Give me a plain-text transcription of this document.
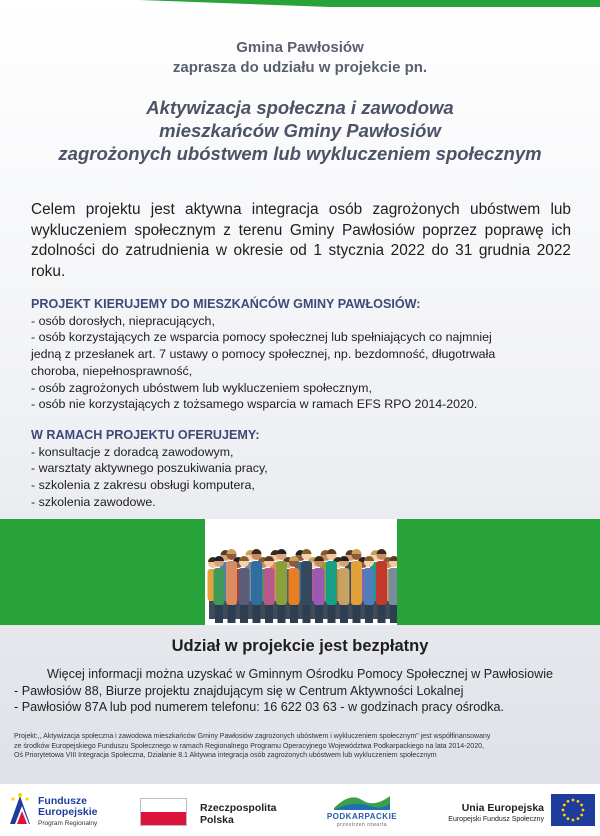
Gmina Pawłosiów
zaprasza do udziału w projekcie pn.
Aktywizacja społeczna i zawodowa
mieszkańców Gminy Pawłosiów
zagrożonych ubóstwem lub wykluczeniem społecznym
Celem projektu jest aktywna integracja osób zagrożonych ubóstwem lub wykluczeniem społecznym z terenu Gminy Pawłosiów poprzez poprawę ich zdolności do zatrudnienia w okresie od 1 stycznia 2022 do 31 grudnia 2022 roku.
PROJEKT KIERUJEMY DO MIESZKAŃCÓW GMINY PAWŁOSIÓW:
- osób dorosłych, niepracujących,
- osób korzystających ze wsparcia pomocy społecznej lub spełniających co najmniej
jedną z przesłanek art. 7 ustawy o pomocy społecznej, np. bezdomność, długotrwała
choroba, niepełnosprawność,
- osób zagrożonych ubóstwem lub wykluczeniem społecznym,
- osób nie korzystających z tożsamego wsparcia w ramach EFS RPO 2014-2020.
W RAMACH PROJEKTU OFERUJEMY:
- konsultacje z doradcą zawodowym,
- warsztaty aktywnego poszukiwania pracy,
- szkolenia z zakresu obsługi komputera,
- szkolenia zawodowe.
Udział w projekcie jest bezpłatny
Więcej informacji można uzyskać w Gminnym Ośrodku Pomocy Społecznej w Pawłosiowie
- Pawłosiów 88, Biurze projektu znajdującym się w Centrum Aktywności Lokalnej
- Pawłosiów 87A lub pod numerem telefonu: 16 622 03 63 - w godzinach pracy ośrodka.
Projekt:,, Aktywizacja społeczna i zawodowa mieszkańców Gminy Pawłosiów zagrożonych ubóstwem i wykluczeniem społecznym" jest współfinansowany
ze środków Europejskiego Funduszu Społecznego w ramach Regionalnego Programu Operacyjnego Województwa Podkarpackiego na lata 2014-2020,
Oś Priorytetowa VIII Integracja Społeczna, Działanie 8.1 Aktywna integracja osób zagrożonych ubóstwem lub wykluczeniem społecznym
Fundusze
Europejskie
Program Regionalny
Rzeczpospolita
Polska	PODKARPACKIE
przestrzeń otwarta
Unia Europejska
Europejski Fundusz Społeczny
